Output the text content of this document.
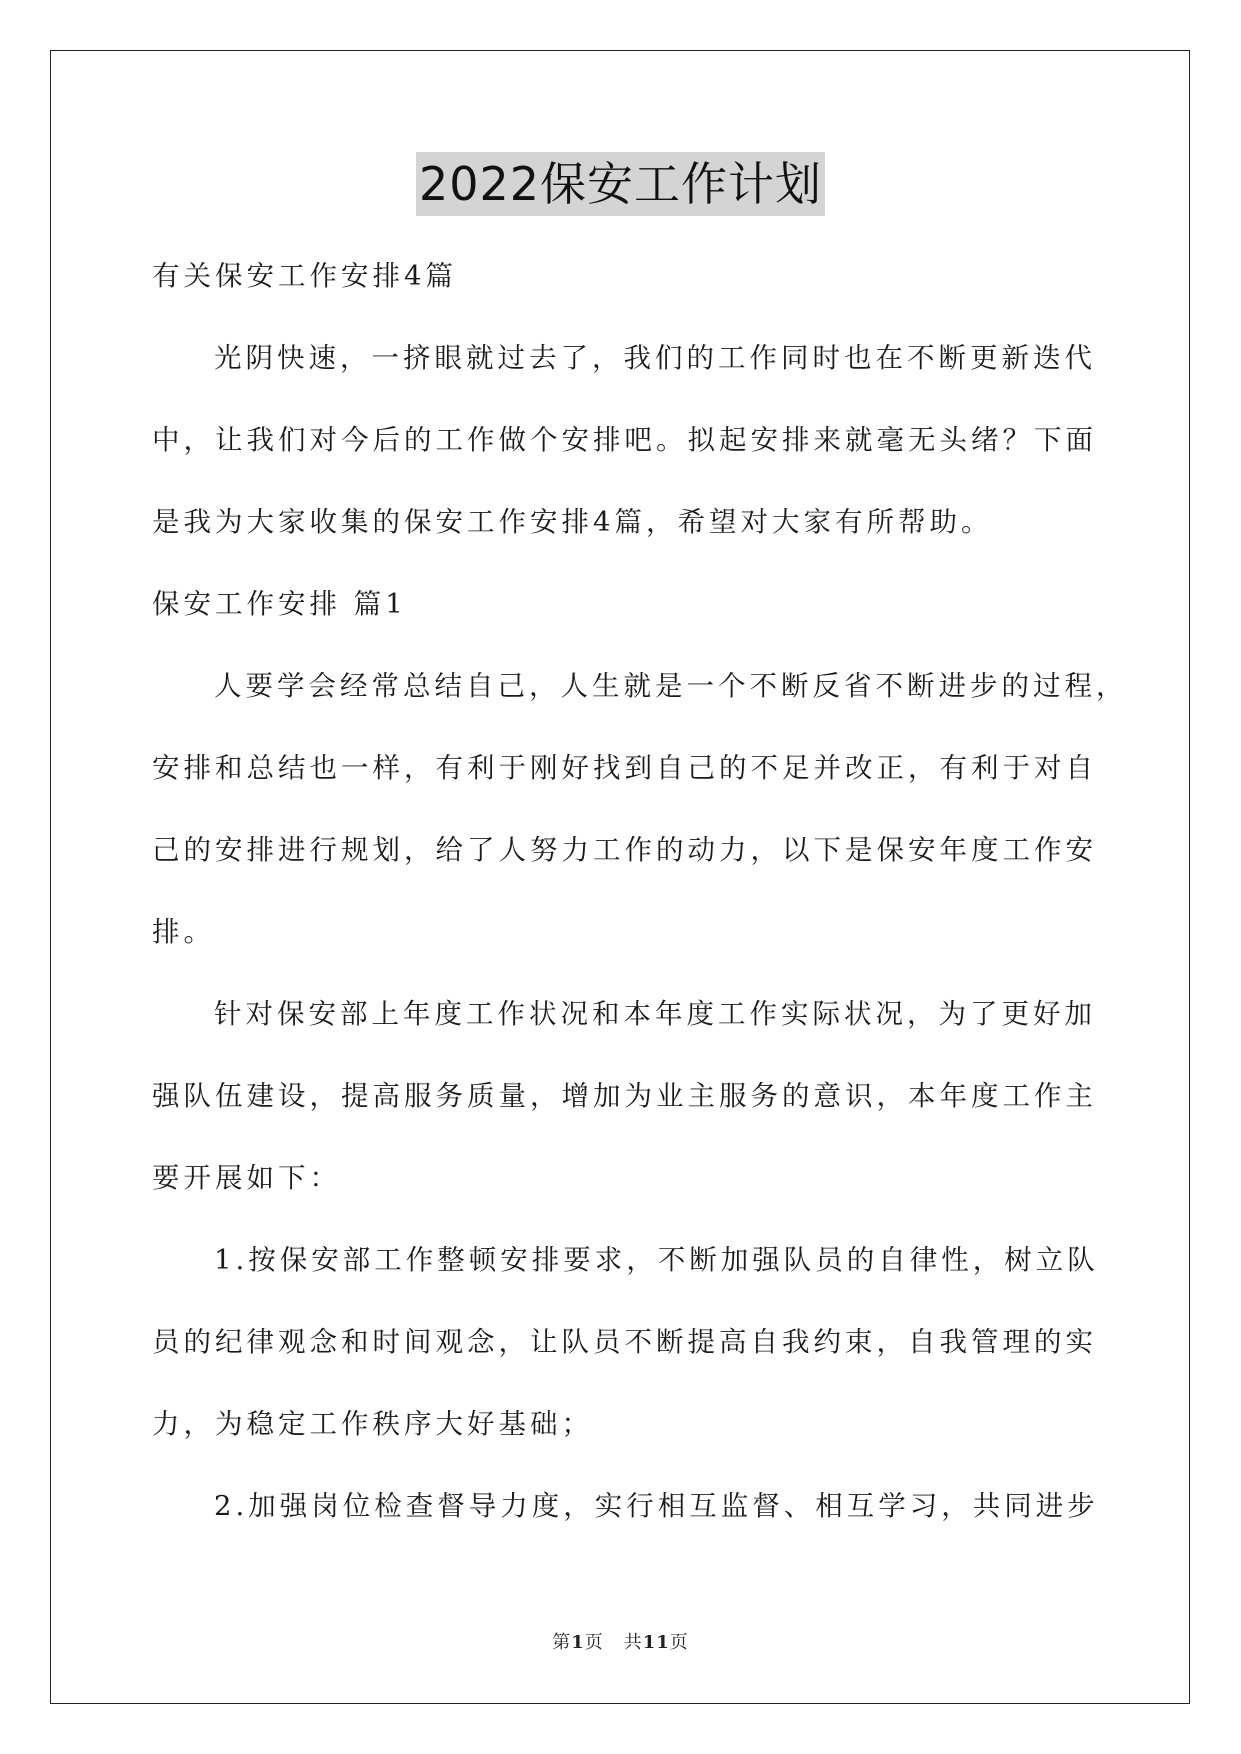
2022保安工作计划
有关保安工作安排4篇
光阴快速，一挤眼就过去了，我们的工作同时也在不断更新迭代
中，让我们对今后的工作做个安排吧。拟起安排来就毫无头绪？下面
是我为大家收集的保安工作安排4篇，希望对大家有所帮助。
保安工作安排 篇1
人要学会经常总结自己，人生就是一个不断反省不断进步的过程，
安排和总结也一样，有利于刚好找到自己的不足并改正，有利于对自
己的安排进行规划，给了人努力工作的动力，以下是保安年度工作安
排。
针对保安部上年度工作状况和本年度工作实际状况，为了更好加
强队伍建设，提高服务质量，增加为业主服务的意识，本年度工作主
要开展如下：
1.按保安部工作整顿安排要求，不断加强队员的自律性，树立队
员的纪律观念和时间观念，让队员不断提高自我约束，自我管理的实
力，为稳定工作秩序大好基础；
2.加强岗位检查督导力度，实行相互监督、相互学习，共同进步
第1页 共11页
